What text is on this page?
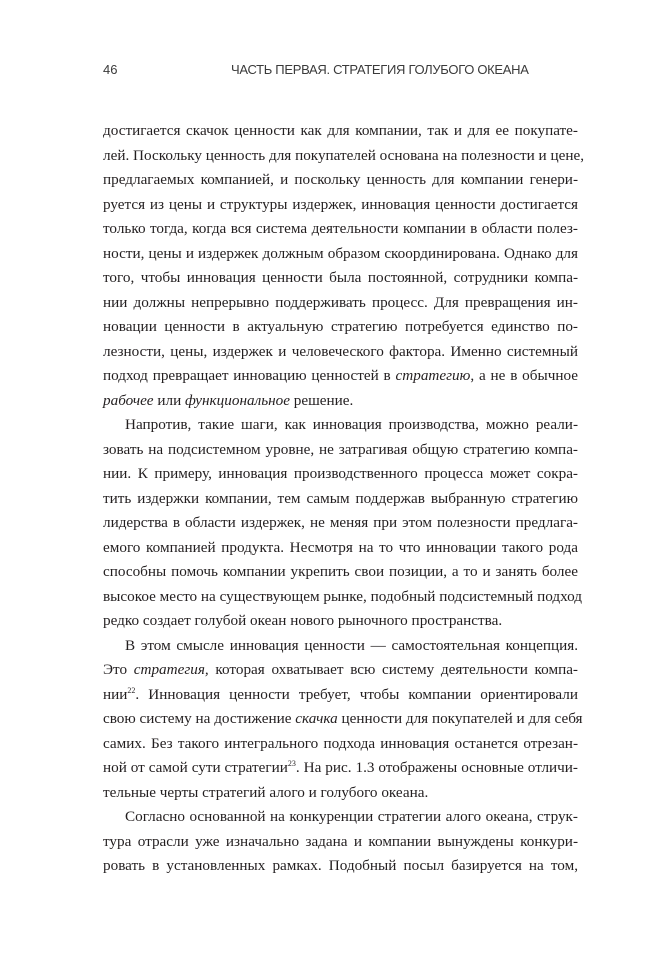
46	ЧАСТЬ ПЕРВАЯ. СТРАТЕГИЯ ГОЛУБОГО ОКЕАНА
достигается скачок ценности как для компании, так и для ее покупате-
лей. Поскольку ценность для покупателей основана на полезности и цене,
предлагаемых компанией, и поскольку ценность для компании генери-
руется из цены и структуры издержек, инновация ценности достигается
только тогда, когда вся система деятельности компании в области полез-
ности, цены и издержек должным образом скоординирована. Однако для
того, чтобы инновация ценности была постоянной, сотрудники компа-
нии должны непрерывно поддерживать процесс. Для превращения ин-
новации ценности в актуальную стратегию потребуется единство по-
лезности, цены, издержек и человеческого фактора. Именно системный
подход превращает инновацию ценностей в стратегию, а не в обычное
рабочее или функциональное решение.
Напротив, такие шаги, как инновация производства, можно реали-
зовать на подсистемном уровне, не затрагивая общую стратегию компа-
нии. К примеру, инновация производственного процесса может сокра-
тить издержки компании, тем самым поддержав выбранную стратегию
лидерства в области издержек, не меняя при этом полезности предлага-
емого компанией продукта. Несмотря на то что инновации такого рода
способны помочь компании укрепить свои позиции, а то и занять более
высокое место на существующем рынке, подобный подсистемный подход
редко создает голубой океан нового рыночного пространства.
В этом смысле инновация ценности — самостоятельная концепция.
Это стратегия, которая охватывает всю систему деятельности компа-
нии$^{22}$. Инновация ценности требует, чтобы компании ориентировали
свою систему на достижение скачка ценности для покупателей и для себя
самих. Без такого интегрального подхода инновация останется отрезан-
ной от самой сути стратегии$^{23}$. На рис. 1.3 отображены основные отличи-
тельные черты стратегий алого и голубого океана.
Согласно основанной на конкуренции стратегии алого океана, струк-
тура отрасли уже изначально задана и компании вынуждены конкури-
ровать в установленных рамках. Подобный посыл базируется на том,
